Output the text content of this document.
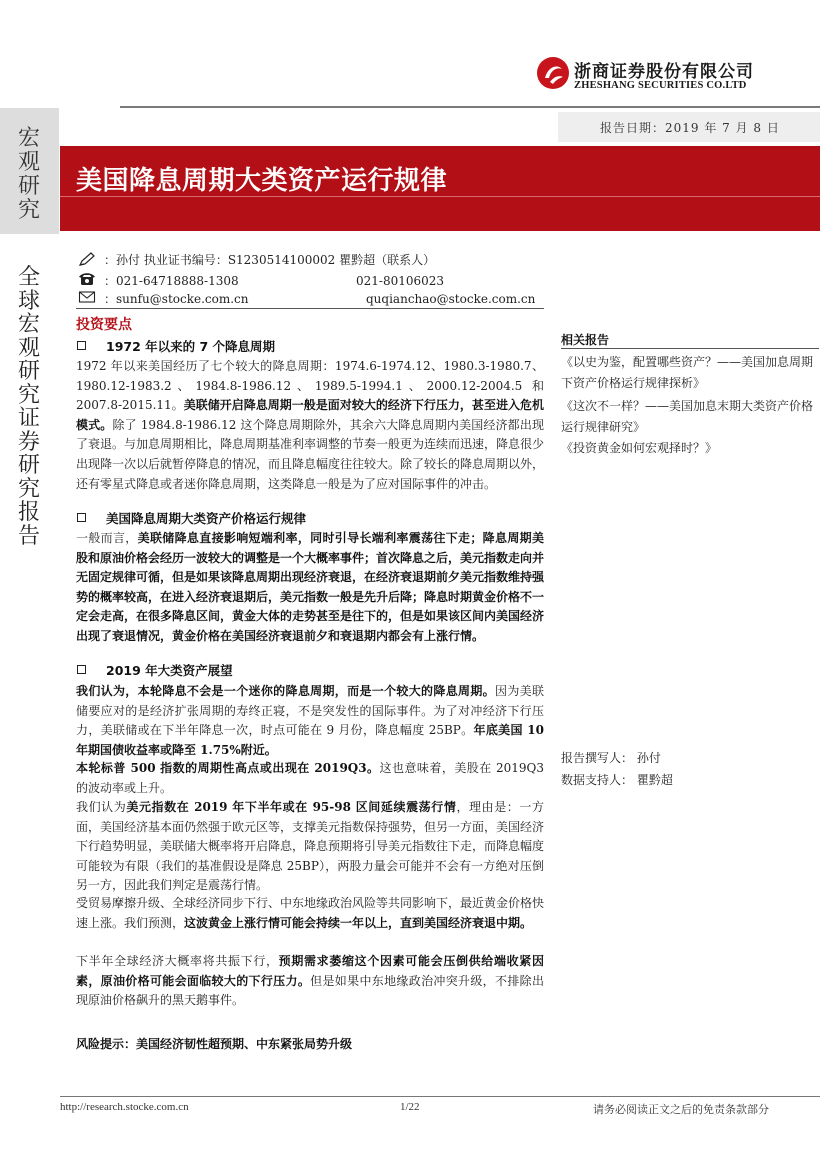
浙商证券股份有限公司
ZHESHANG SECURITIES CO.LTD
报告日期：2019 年 7 月 8 日
宏观研究
全球宏观研究证券研究报告
美国降息周期大类资产运行规律
：孙付 执业证书编号：S1230514100002 瞿黔超（联系人）
：021-64718888-1308	021-80106023
：sunfu@stocke.com.cn	quqianchao@stocke.com.cn
投资要点
1972 年以来的 7 个降息周期
1972 年以来美国经历了七个较大的降息周期：1974.6-1974.12、1980.3-1980.7、1980.12-1983.2、1984.8-1986.12、1989.5-1994.1、2000.12-2004.5 和 2007.8-2015.11。美联储开启降息周期一般是面对较大的经济下行压力，甚至进入危机模式。除了 1984.8-1986.12 这个降息周期除外，其余六大降息周期内美国经济都出现了衰退。与加息周期相比，降息周期基准利率调整的节奏一般更为连续而迅速，降息很少出现降一次以后就暂停降息的情况，而且降息幅度往往较大。除了较长的降息周期以外，还有零星式降息或者迷你降息周期，这类降息一般是为了应对国际事件的冲击。
美国降息周期大类资产价格运行规律
一般而言，美联储降息直接影响短端利率，同时引导长端利率震荡往下走；降息周期美股和原油价格会经历一波较大的调整是一个大概率事件；首次降息之后，美元指数走向并无固定规律可循，但是如果该降息周期出现经济衰退，在经济衰退期前夕美元指数维持强势的概率较高，在进入经济衰退期后，美元指数一般是先升后降；降息时期黄金价格不一定会走高，在很多降息区间，黄金大体的走势甚至是往下的，但是如果该区间内美国经济出现了衰退情况，黄金价格在美国经济衰退前夕和衰退期内都会有上涨行情。
2019 年大类资产展望
我们认为，本轮降息不会是一个迷你的降息周期，而是一个较大的降息周期。因为美联储要应对的是经济扩张周期的寿终正寝，不是突发性的国际事件。为了对冲经济下行压力，美联储或在下半年降息一次，时点可能在 9 月份，降息幅度 25BP。年底美国 10 年期国债收益率或降至 1.75%附近。
本轮标普 500 指数的周期性高点或出现在 2019Q3。这也意味着，美股在 2019Q3 的波动率或上升。
我们认为美元指数在 2019 年下半年或在 95-98 区间延续震荡行情，理由是：一方面，美国经济基本面仍然强于欧元区等，支撑美元指数保持强势，但另一方面，美国经济下行趋势明显，美联储大概率将开启降息，降息预期将引导美元指数往下走，而降息幅度可能较为有限（我们的基准假设是降息 25BP），两股力量会可能并不会有一方绝对压倒另一方，因此我们判定是震荡行情。
受贸易摩擦升级、全球经济同步下行、中东地缘政治风险等共同影响下，最近黄金价格快速上涨。我们预测，这波黄金上涨行情可能会持续一年以上，直到美国经济衰退中期。
下半年全球经济大概率将共振下行，预期需求萎缩这个因素可能会压倒供给端收紧因素，原油价格可能会面临较大的下行压力。但是如果中东地缘政治冲突升级，不排除出现原油价格飙升的黑天鹅事件。
风险提示：美国经济韧性超预期、中东紧张局势升级
相关报告
《以史为鉴，配置哪些资产？——美国加息周期下资产价格运行规律探析》
《这次不一样？——美国加息末期大类资产价格运行规律研究》
《投资黄金如何宏观择时？》
报告撰写人： 孙付
数据支持人： 瞿黔超
http://research.stocke.com.cn	1/22	请务必阅读正文之后的免责条款部分
